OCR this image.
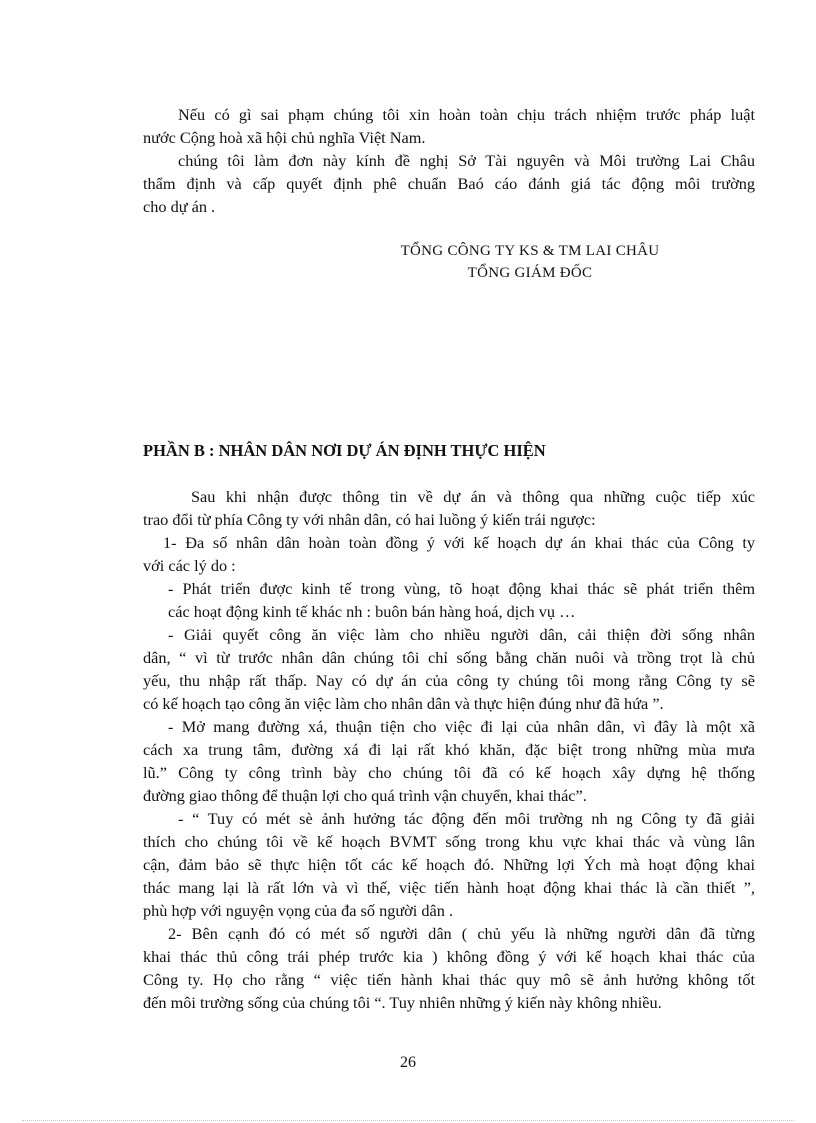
Nếu có gì sai phạm chúng tôi xin hoàn toàn chịu trách nhiệm trước pháp luật
nước Cộng hoà xã hội chủ nghĩa Việt Nam.
chúng tôi làm đơn này kính đề nghị Sở Tài nguyên và Môi trường Lai Châu
thẩm định và cấp quyết định phê chuẩn Baó cáo đánh giá tác động môi trường
cho dự án .
TỔNG CÔNG TY KS & TM LAI CHÂU
TỔNG GIÁM ĐỐC
PHẦN B : NHÂN DÂN NƠI DỰ ÁN ĐỊNH THỰC HIỆN
Sau khi nhận được thông tin về dự án và thông qua những cuộc tiếp xúc
trao đổi từ phía Công ty với nhân dân, có hai luồng ý kiến trái ngược:
1- Đa số nhân dân hoàn toàn đồng ý với kế hoạch dự án khai thác của Công ty
với các lý do :
- Phát triển được kinh tế trong vùng, tõ hoạt động khai thác sẽ phát triển thêm
các hoạt động kinh tế khác nh : buôn bán hàng hoá, dịch vụ …
- Giải quyết công ăn việc làm cho nhiều người dân, cải thiện đời sống nhân
dân, “ vì từ trước nhân dân chúng tôi chỉ sống bằng chăn nuôi và trồng trọt là chủ
yếu, thu nhập rất thấp. Nay có dự án của công ty chúng tôi mong rằng Công ty sẽ
có kế hoạch tạo công ăn việc làm cho nhân dân và thực hiện đúng như đã hứa ”.
- Mở mang đường xá, thuận tiện cho việc đi lại của nhân dân, vì đây là một xã
cách xa trung tâm, đường xá đi lại rất khó khăn, đặc biệt trong những mùa mưa
lũ.” Công ty công trình bày cho chúng tôi đã có kế hoạch xây dựng hệ thống
đường giao thông để thuận lợi cho quá trình vận chuyển, khai thác”.
- “ Tuy có mét sè ảnh hưởng tác động đến môi trường nh ng Công ty đã giải
thích cho chúng tôi về kế hoạch BVMT sống trong khu vực khai thác và vùng lân
cận, đảm bảo sẽ thực hiện tốt các kế hoạch đó. Những lợi Ých mà hoạt động khai
thác mang lại là rất lớn và vì thế, việc tiến hành hoạt động khai thác là cần thiết ”,
phù hợp với nguyện vọng của đa số người dân .
2- Bên cạnh đó có mét số người dân ( chủ yếu là những người dân đã từng
khai thác thủ công trái phép trước kia ) không đồng ý với kế hoạch khai thác của
Công ty. Họ cho rằng “ việc tiến hành khai thác quy mô sẽ ảnh hưởng không tốt
đến môi trường sống của chúng tôi “. Tuy nhiên những ý kiến này không nhiều.
26
